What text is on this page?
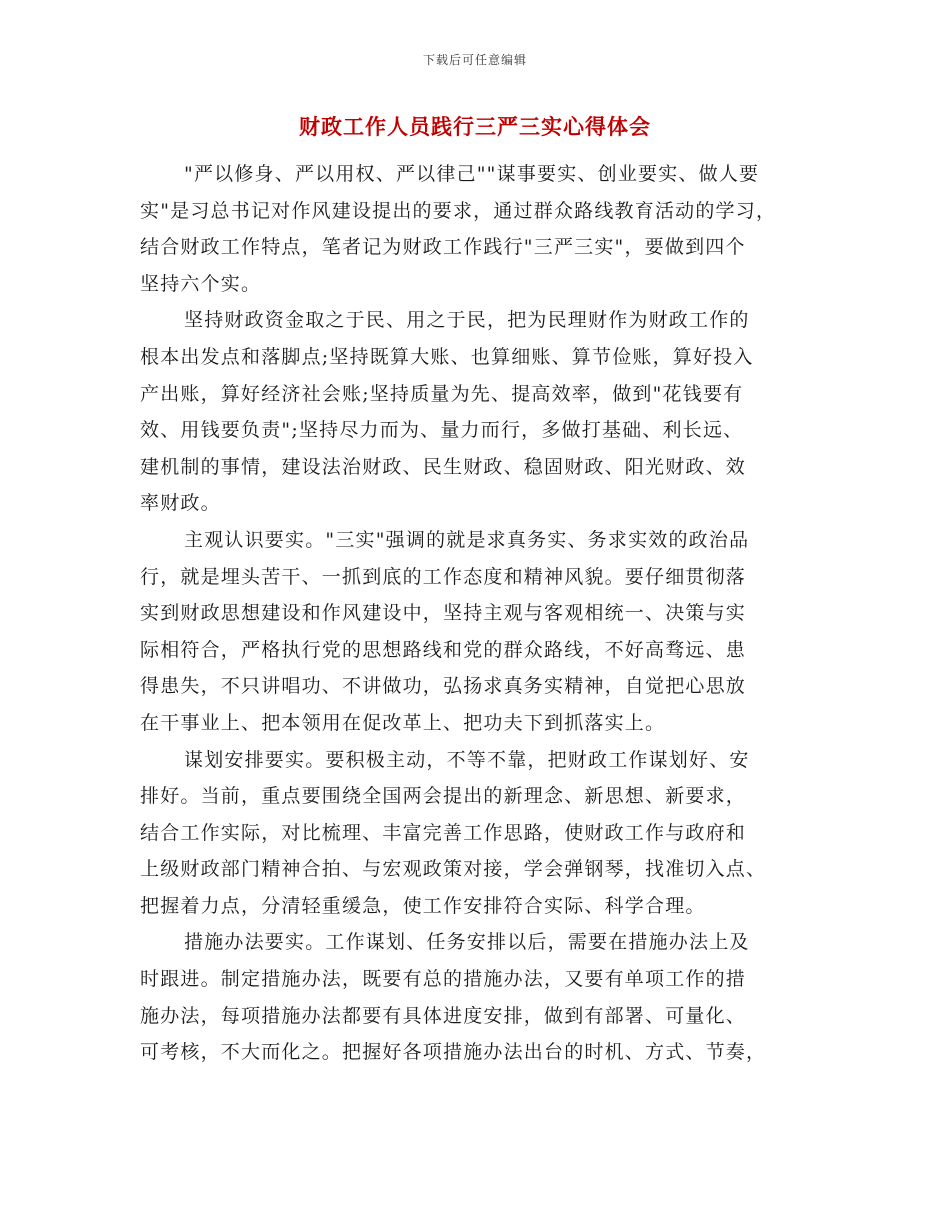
下载后可任意编辑
财政工作人员践行三严三实心得体会

"严以修身、严以用权、严以律己""谋事要实、创业要实、做人要
实"是习总书记对作风建设提出的要求，通过群众路线教育活动的学习，
结合财政工作特点，笔者记为财政工作践行"三严三实"，要做到四个
坚持六个实。

坚持财政资金取之于民、用之于民，把为民理财作为财政工作的
根本出发点和落脚点;坚持既算大账、也算细账、算节俭账，算好投入
产出账，算好经济社会账;坚持质量为先、提高效率，做到"花钱要有
效、用钱要负责";坚持尽力而为、量力而行，多做打基础、利长远、
建机制的事情，建设法治财政、民生财政、稳固财政、阳光财政、效
率财政。

主观认识要实。"三实"强调的就是求真务实、务求实效的政治品
行，就是埋头苦干、一抓到底的工作态度和精神风貌。要仔细贯彻落
实到财政思想建设和作风建设中，坚持主观与客观相统一、决策与实
际相符合，严格执行党的思想路线和党的群众路线，不好高骛远、患
得患失，不只讲唱功、不讲做功，弘扬求真务实精神，自觉把心思放
在干事业上、把本领用在促改革上、把功夫下到抓落实上。

谋划安排要实。要积极主动，不等不靠，把财政工作谋划好、安
排好。当前，重点要围绕全国两会提出的新理念、新思想、新要求，
结合工作实际，对比梳理、丰富完善工作思路，使财政工作与政府和
上级财政部门精神合拍、与宏观政策对接，学会弹钢琴，找准切入点、
把握着力点，分清轻重缓急，使工作安排符合实际、科学合理。

措施办法要实。工作谋划、任务安排以后，需要在措施办法上及
时跟进。制定措施办法，既要有总的措施办法，又要有单项工作的措
施办法，每项措施办法都要有具体进度安排，做到有部署、可量化、
可考核，不大而化之。把握好各项措施办法出台的时机、方式、节奏，
